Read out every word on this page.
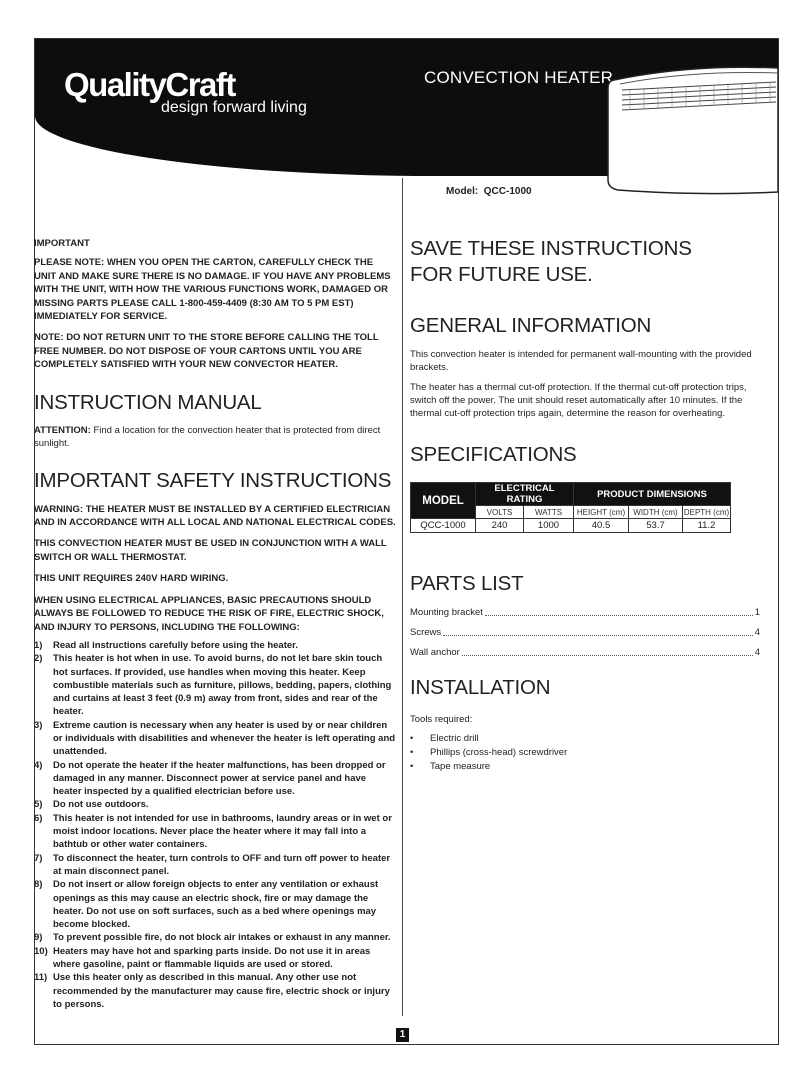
QualityCraft
design forward living
CONVECTION HEATER
Model: QCC-1000

IMPORTANT

PLEASE NOTE: WHEN YOU OPEN THE CARTON, CAREFULLY CHECK THE UNIT AND MAKE SURE THERE IS NO DAMAGE. IF YOU HAVE ANY PROBLEMS WITH THE UNIT, WITH HOW THE VARIOUS FUNCTIONS WORK, DAMAGED OR MISSING PARTS PLEASE CALL 1-800-459-4409 (8:30 AM TO 5 PM EST) IMMEDIATELY FOR SERVICE.

NOTE: DO NOT RETURN UNIT TO THE STORE BEFORE CALLING THE TOLL FREE NUMBER. DO NOT DISPOSE OF YOUR CARTONS UNTIL YOU ARE COMPLETELY SATISFIED WITH YOUR NEW CONVECTOR HEATER.

INSTRUCTION MANUAL

ATTENTION: Find a location for the convection heater that is protected from direct sunlight.

IMPORTANT SAFETY INSTRUCTIONS

WARNING: THE HEATER MUST BE INSTALLED BY A CERTIFIED ELECTRICIAN AND IN ACCORDANCE WITH ALL LOCAL AND NATIONAL ELECTRICAL CODES.

THIS CONVECTION HEATER MUST BE USED IN CONJUNCTION WITH A WALL SWITCH OR WALL THERMOSTAT.

THIS UNIT REQUIRES 240V HARD WIRING.

WHEN USING ELECTRICAL APPLIANCES, BASIC PRECAUTIONS SHOULD ALWAYS BE FOLLOWED TO REDUCE THE RISK OF FIRE, ELECTRIC SHOCK, AND INJURY TO PERSONS, INCLUDING THE FOLLOWING:

1) Read all instructions carefully before using the heater.
2) This heater is hot when in use. To avoid burns, do not let bare skin touch hot surfaces. If provided, use handles when moving this heater. Keep combustible materials such as furniture, pillows, bedding, papers, clothing and curtains at least 3 feet (0.9 m) away from front, sides and rear of the heater.
3) Extreme caution is necessary when any heater is used by or near children or individuals with disabilities and whenever the heater is left operating and unattended.
4) Do not operate the heater if the heater malfunctions, has been dropped or damaged in any manner. Disconnect power at service panel and have heater inspected by a qualified electrician before use.
5) Do not use outdoors.
6) This heater is not intended for use in bathrooms, laundry areas or in wet or moist indoor locations. Never place the heater where it may fall into a bathtub or other water containers.
7) To disconnect the heater, turn controls to OFF and turn off power to heater at main disconnect panel.
8) Do not insert or allow foreign objects to enter any ventilation or exhaust openings as this may cause an electric shock, fire or may damage the heater. Do not use on soft surfaces, such as a bed where openings may become blocked.
9) To prevent possible fire, do not block air intakes or exhaust in any manner.
10) Heaters may have hot and sparking parts inside. Do not use it in areas where gasoline, paint or flammable liquids are used or stored.
11) Use this heater only as described in this manual. Any other use not recommended by the manufacturer may cause fire, electric shock or injury to persons.
SAVE THESE INSTRUCTIONS
FOR FUTURE USE.
GENERAL INFORMATION

This convection heater is intended for permanent wall-mounting with the provided brackets.

The heater has a thermal cut-off protection. If the thermal cut-off protection trips, switch off the power. The unit should reset automatically after 10 minutes. If the thermal cut-off protection trips again, determine the reason for overheating.

SPECIFICATIONS
MODEL	ELECTRICAL RATING		PRODUCT DIMENSIONS		
	VOLTS	WATTS	HEIGHT (cm)	WIDTH (cm)	DEPTH (cm)
QCC-1000	240	1000	40.5	53.7	11.2
PARTS LIST
Mounting bracket	1
Screws	4
Wall anchor	4
INSTALLATION

Tools required:

• Electric drill
• Phillips (cross-head) screwdriver
• Tape measure
1
